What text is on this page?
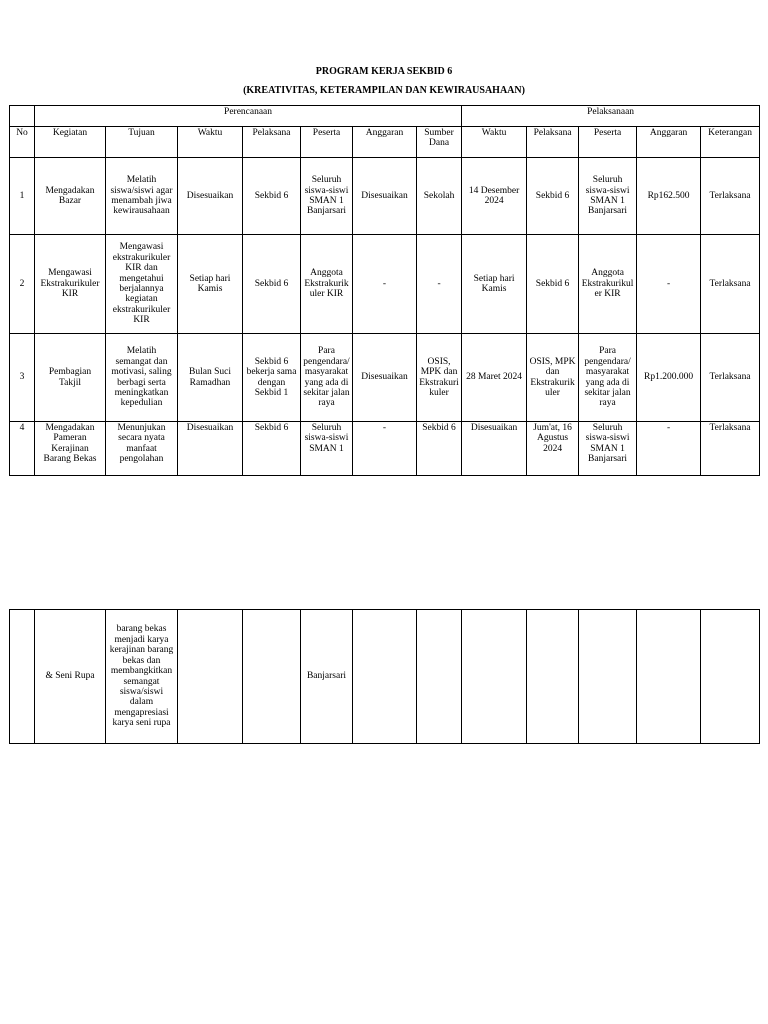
PROGRAM KERJA SEKBID 6
(KREATIVITAS, KETERAMPILAN DAN KEWIRAUSAHAAN)
	Perencanaan							Pelaksanaan				
No	Kegiatan	Tujuan	Waktu	Pelaksana	Peserta	Anggaran	Sumber Dana	Waktu	Pelaksana	Peserta	Anggaran	Keterangan
1	Mengadakan Bazar	Melatih siswa/siswi agar menambah jiwa kewirausahaan	Disesuaikan	Sekbid 6	Seluruh siswa-siswi SMAN 1 Banjarsari	Disesuaikan	Sekolah	14 Desember 2024	Sekbid 6	Seluruh siswa-siswi SMAN 1 Banjarsari	Rp162.500	Terlaksana
2	Mengawasi Ekstrakurikuler KIR	Mengawasi ekstrakurikuler KIR dan mengetahui berjalannya kegiatan ekstrakurikuler KIR	Setiap hari Kamis	Sekbid 6	Anggota Ekstrakurikuler KIR	-	-	Setiap hari Kamis	Sekbid 6	Anggota Ekstrakurikuler KIR	-	Terlaksana
3	Pembagian Takjil	Melatih semangat dan motivasi, saling berbagi serta meningkatkan kepedulian	Bulan Suci Ramadhan	Sekbid 6 bekerja sama dengan Sekbid 1	Para pengendara/masyarakat yang ada di sekitar jalan raya	Disesuaikan	OSIS, MPK dan Ekstrakurikuler	28 Maret 2024	OSIS, MPK dan Ekstrakurikuler	Para pengendara/masyarakat yang ada di sekitar jalan raya	Rp1.200.000	Terlaksana
4	Mengadakan Pameran Kerajinan Barang Bekas	Menunjukan secara nyata manfaat pengolahan	Disesuaikan	Sekbid 6	Seluruh siswa-siswi SMAN 1	-	Sekbid 6	Disesuaikan	Jum'at, 16 Agustus 2024	Seluruh siswa-siswi SMAN 1 Banjarsari	-	Terlaksana
	& Seni Rupa	barang bekas menjadi karya kerajinan barang bekas dan membangkitkan semangat siswa/siswi dalam mengapresiasi karya seni rupa			Banjarsari							
